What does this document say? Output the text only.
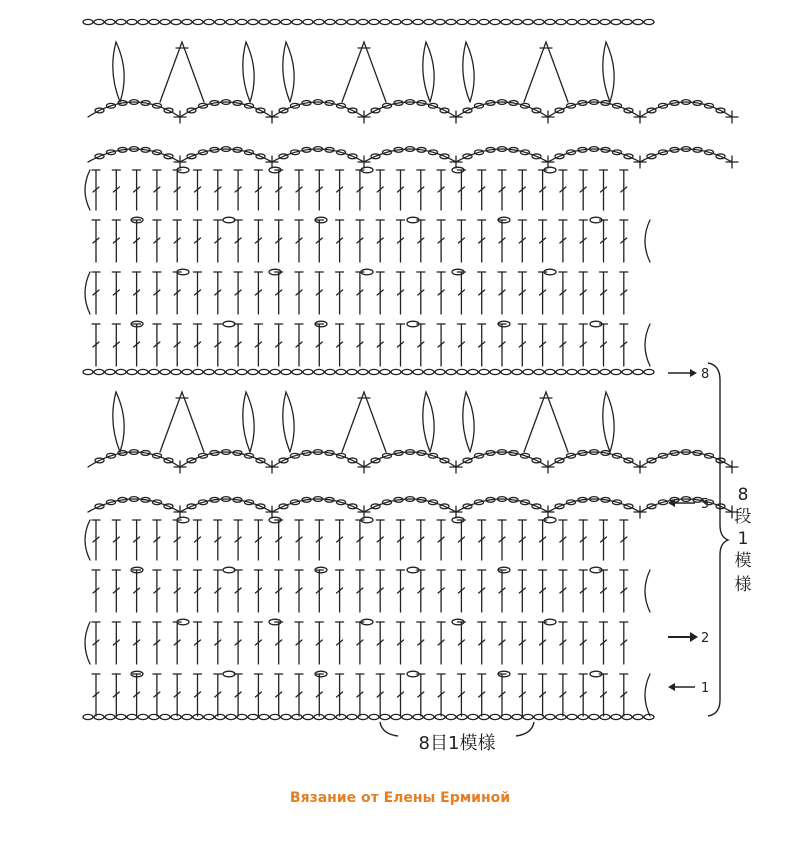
8
5
2
1
8
段
1
模
様
8目1模様
Вязание от Елены Ерминой
